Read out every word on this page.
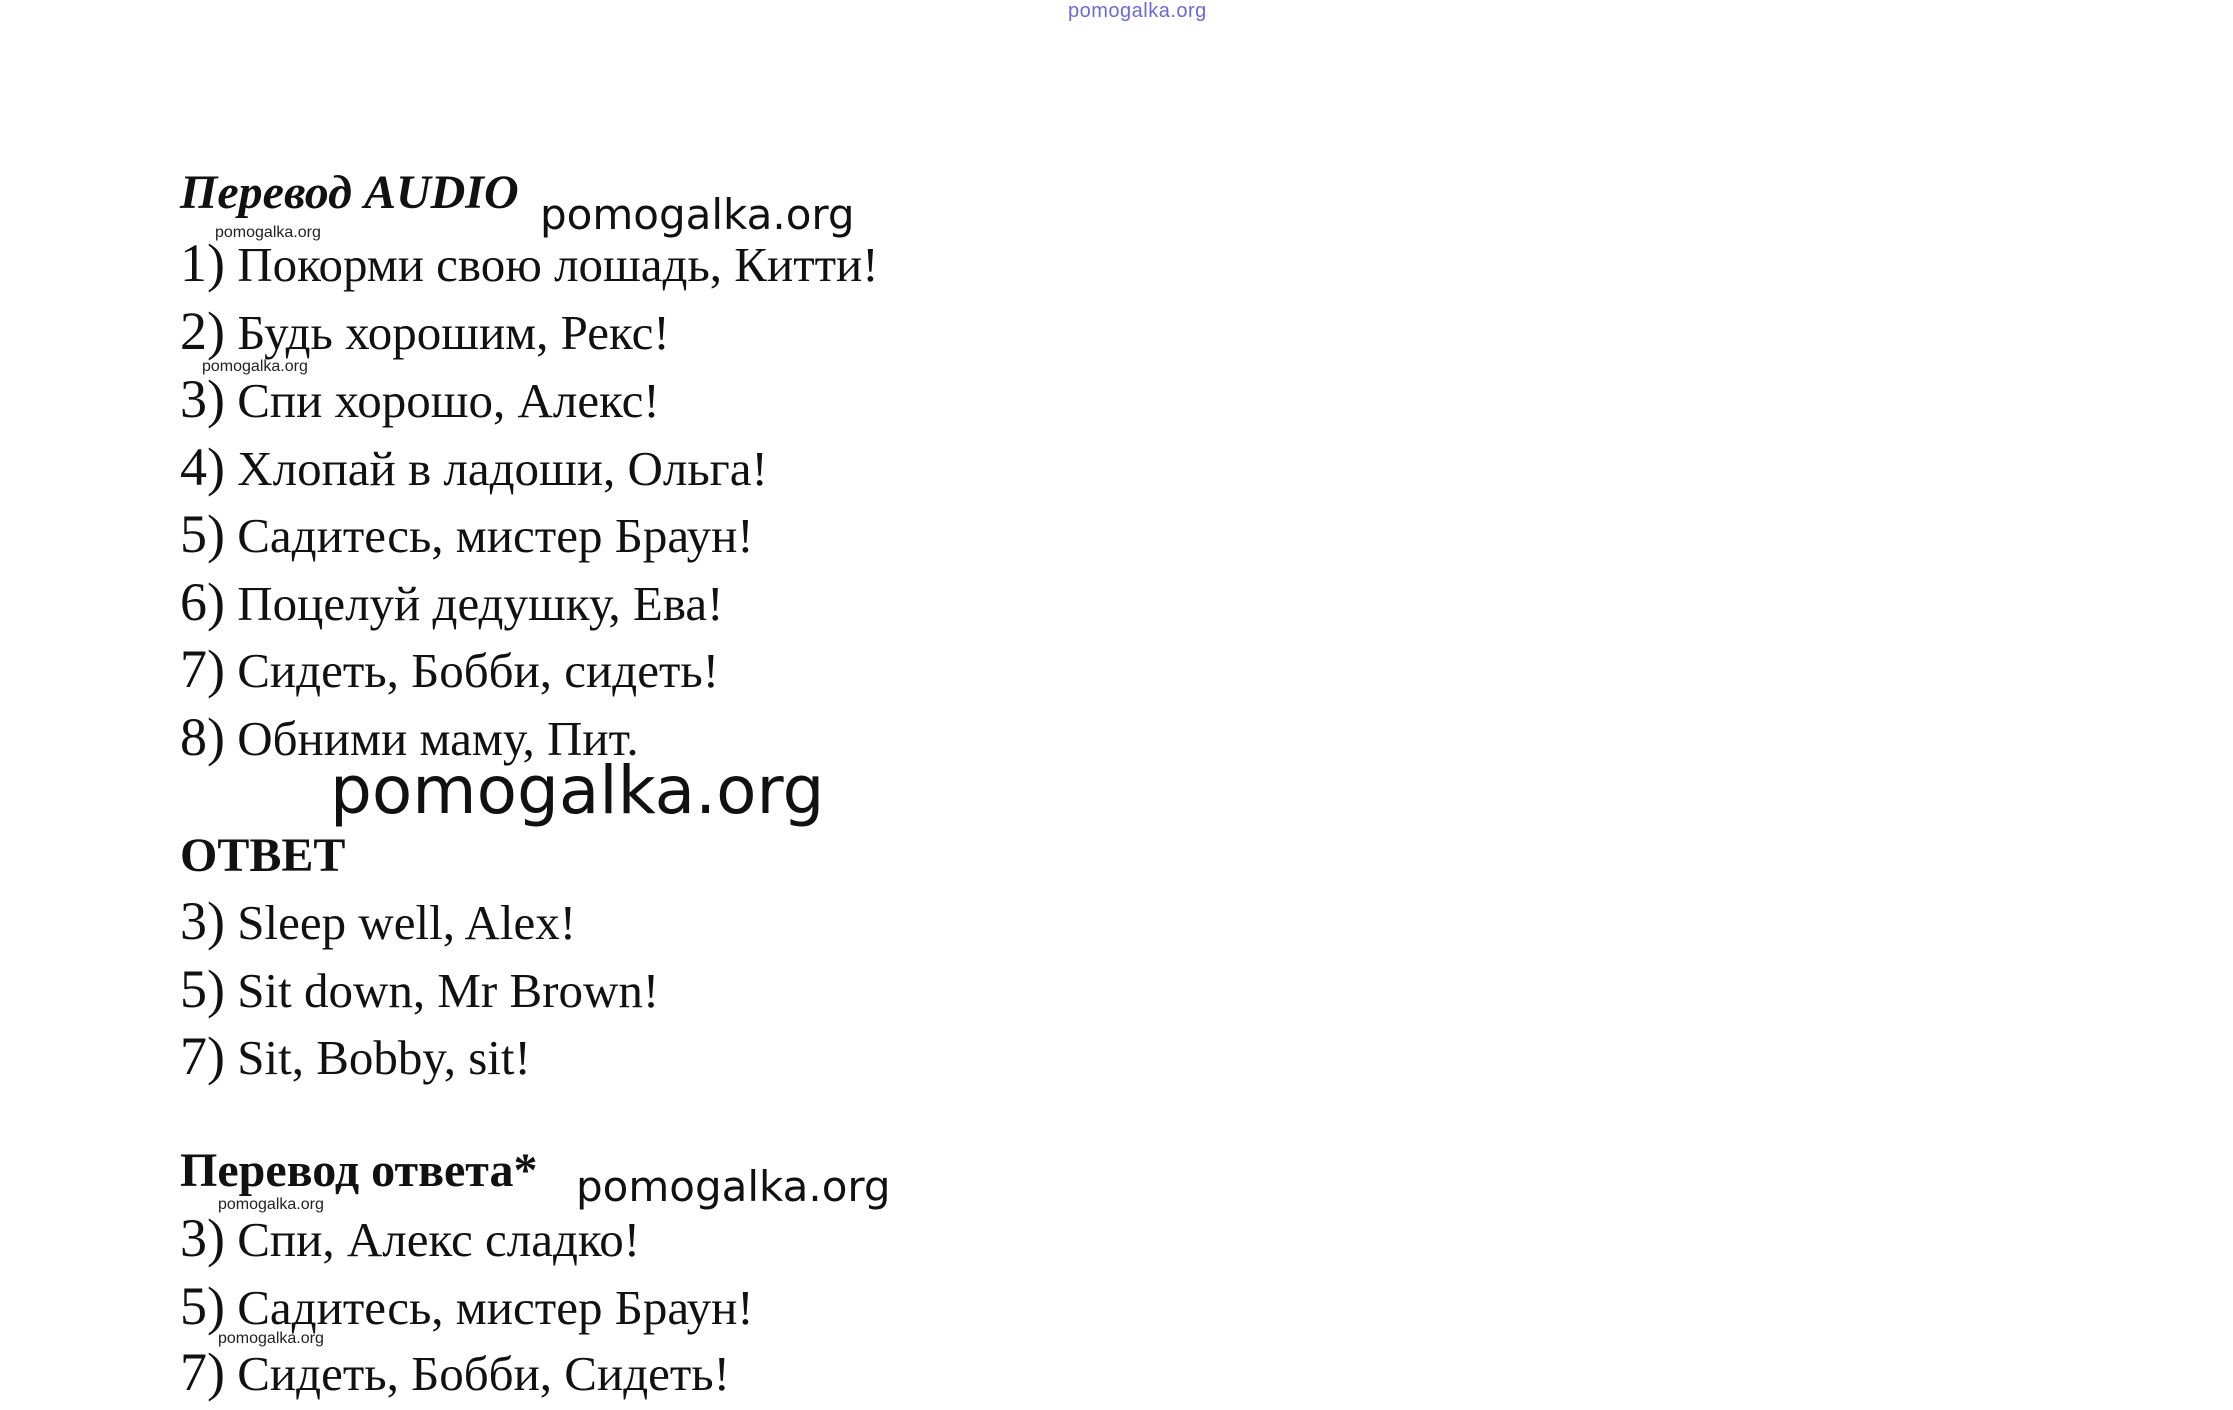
pomogalka.org
Перевод AUDIO pomogalka.org
pomogalka.org
1) Покорми свою лошадь, Китти!
2) Будь хорошим, Рекс!
pomogalka.org
3) Спи хорошо, Алекс!
4) Хлопай в ладоши, Ольга!
5) Садитесь, мистер Браун!
6) Поцелуй дедушку, Ева!
7) Сидеть, Бобби, сидеть!
8) Обними маму, Пит.
pomogalka.org
ОТВЕТ
3) Sleep well, Alex!
5) Sit down, Mr Brown!
7) Sit, Bobby, sit!
Перевод ответа* pomogalka.org
pomogalka.org
3) Спи, Алекс сладко!
5) Садитесь, мистер Браун!
pomogalka.org
7) Сидеть, Бобби, Сидеть!
